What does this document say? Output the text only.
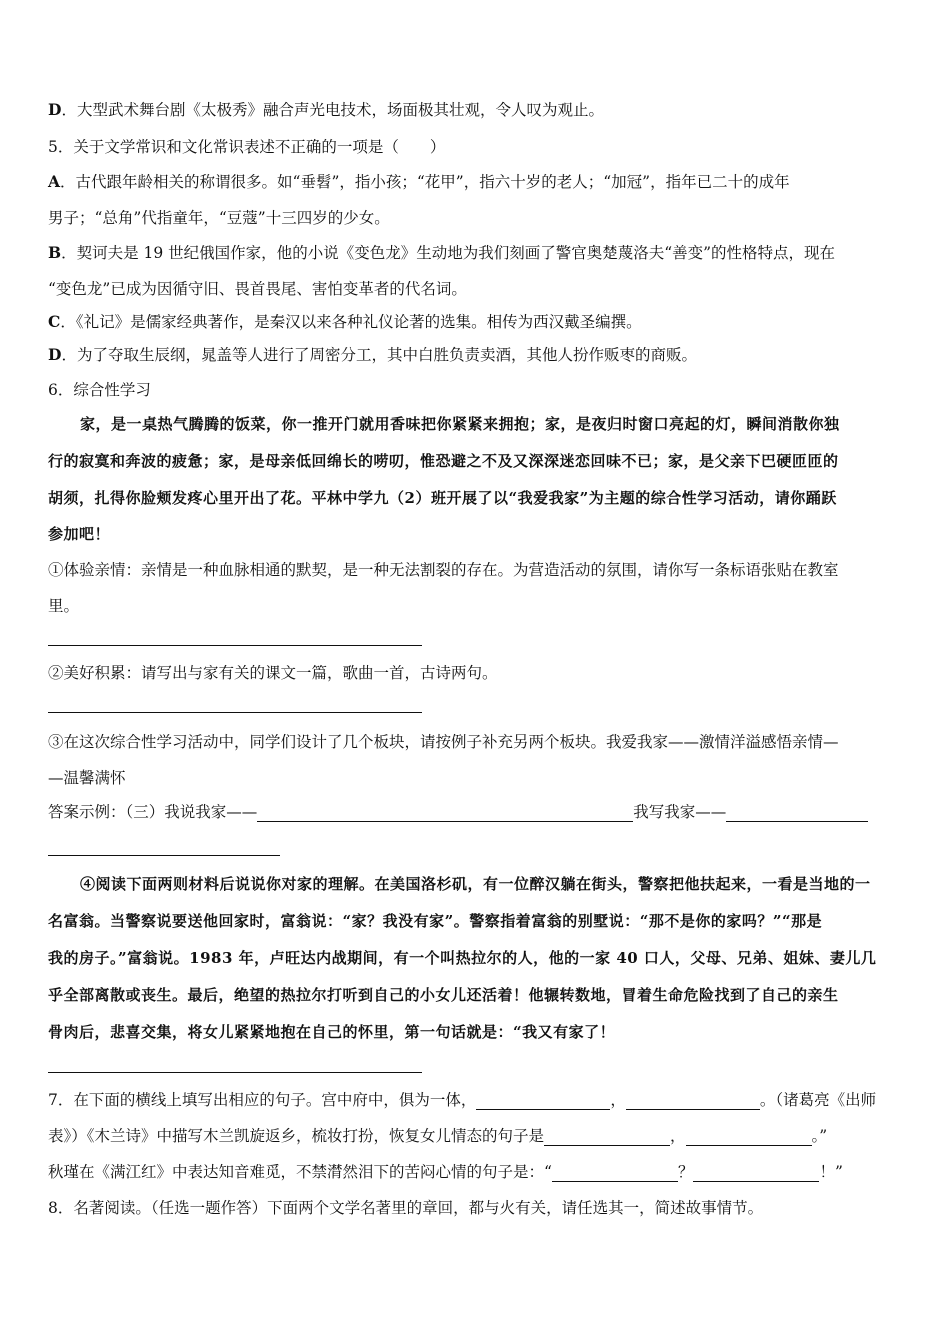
D．大型武术舞台剧《太极秀》融合声光电技术，场面极其壮观，令人叹为观止。
5．关于文学常识和文化常识表述不正确的一项是（　　）
A．古代跟年龄相关的称谓很多。如“垂髫”，指小孩；“花甲”，指六十岁的老人；“加冠”，指年已二十的成年
男子；“总角”代指童年，“豆蔻”十三四岁的少女。
B．契诃夫是 19 世纪俄国作家，他的小说《变色龙》生动地为我们刻画了警官奥楚蔑洛夫“善变”的性格特点，现在
“变色龙”已成为因循守旧、畏首畏尾、害怕变革者的代名词。
C．《礼记》是儒家经典著作，是秦汉以来各种礼仪论著的选集。相传为西汉戴圣编撰。
D．为了夺取生辰纲，晁盖等人进行了周密分工，其中白胜负责卖酒，其他人扮作贩枣的商贩。
6．综合性学习
家，是一桌热气腾腾的饭菜，你一推开门就用香味把你紧紧来拥抱；家，是夜归时窗口亮起的灯，瞬间消散你独
行的寂寞和奔波的疲惫；家，是母亲低回绵长的唠叨，惟恐避之不及又深深迷恋回味不已；家，是父亲下巴硬匝匝的
胡须，扎得你脸颊发疼心里开出了花。平林中学九（2）班开展了以“我爱我家”为主题的综合性学习活动，请你踊跃
参加吧！
①体验亲情：亲情是一种血脉相通的默契，是一种无法割裂的存在。为营造活动的氛围，请你写一条标语张贴在教室
里。
②美好积累：请写出与家有关的课文一篇，歌曲一首，古诗两句。
③在这次综合性学习活动中，同学们设计了几个板块，请按例子补充另两个板块。我爱我家——激情洋溢感悟亲情—
—温馨满怀
答案示例：（三）我说我家——	我写我家——
④阅读下面两则材料后说说你对家的理解。在美国洛杉矶，有一位醉汉躺在街头，警察把他扶起来，一看是当地的一
名富翁。当警察说要送他回家时，富翁说：“家？我没有家”。警察指着富翁的别墅说：“那不是你的家吗？”“那是
我的房子。”富翁说。1983 年，卢旺达内战期间，有一个叫热拉尔的人，他的一家 40 口人，父母、兄弟、姐妹、妻儿几
乎全部离散或丧生。最后，绝望的热拉尔打听到自己的小女儿还活着！他辗转数地，冒着生命危险找到了自己的亲生
骨肉后，悲喜交集，将女儿紧紧地抱在自己的怀里，第一句话就是：“我又有家了！
7．在下面的横线上填写出相应的句子。宫中府中，俱为一体，	，	。（诸葛亮《出师
表》）《木兰诗》中描写木兰凯旋返乡，梳妆打扮，恢复女儿情态的句子是	，	。”
秋瑾在《满江红》中表达知音难觅，不禁潸然泪下的苦闷心情的句子是：“	？	！”
8．名著阅读。（任选一题作答）下面两个文学名著里的章回，都与火有关，请任选其一，简述故事情节。
